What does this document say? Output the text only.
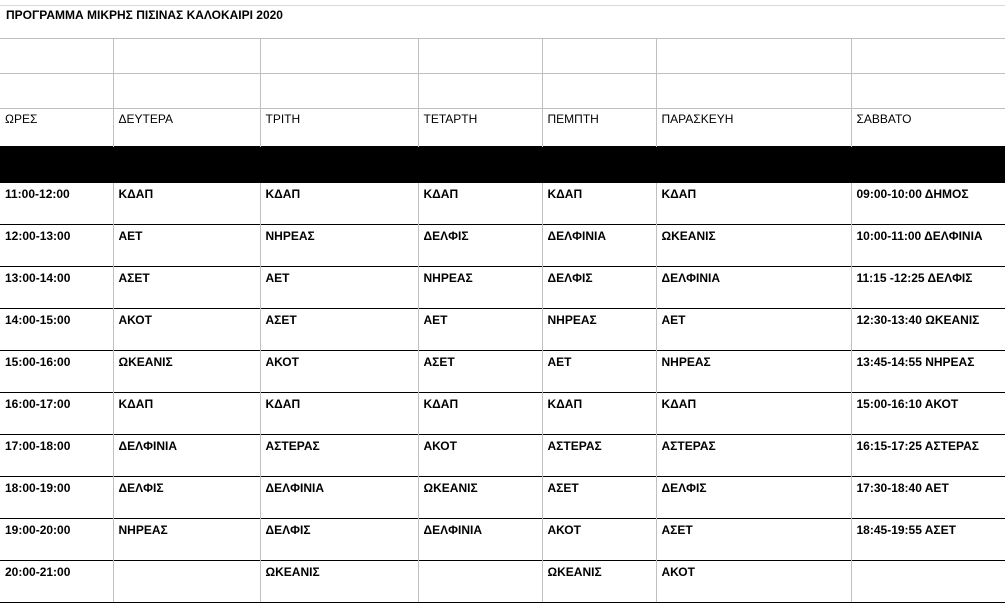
ΠΡΟΓΡΑΜΜΑ ΜΙΚΡΗΣ ΠΙΣΙΝΑΣ ΚΑΛΟΚΑΙΡΙ 2020

ΩΡΕΣ	ΔΕΥΤΕΡΑ	ΤΡΙΤΗ	ΤΕΤΑΡΤΗ	ΠΕΜΠΤΗ	ΠΑΡΑΣΚΕΥΗ	ΣΑΒΒΑΤΟ

11:00-12:00	ΚΔΑΠ	ΚΔΑΠ	ΚΔΑΠ	ΚΔΑΠ	ΚΔΑΠ	09:00-10:00 ΔΗΜΟΣ
12:00-13:00	ΑΕΤ	ΝΗΡΕΑΣ	ΔΕΛΦΙΣ	ΔΕΛΦΙΝΙΑ	ΩΚΕΑΝΙΣ	10:00-11:00 ΔΕΛΦΙΝΙΑ
13:00-14:00	ΑΣΕΤ	ΑΕΤ	ΝΗΡΕΑΣ	ΔΕΛΦΙΣ	ΔΕΛΦΙΝΙΑ	11:15 -12:25 ΔΕΛΦΙΣ
14:00-15:00	ΑΚΟΤ	ΑΣΕΤ	ΑΕΤ	ΝΗΡΕΑΣ	ΑΕΤ	12:30-13:40 ΩΚΕΑΝΙΣ
15:00-16:00	ΩΚΕΑΝΙΣ	ΑΚΟΤ	ΑΣΕΤ	ΑΕΤ	ΝΗΡΕΑΣ	13:45-14:55 ΝΗΡΕΑΣ
16:00-17:00	ΚΔΑΠ	ΚΔΑΠ	ΚΔΑΠ	ΚΔΑΠ	ΚΔΑΠ	15:00-16:10 ΑΚΟΤ
17:00-18:00	ΔΕΛΦΙΝΙΑ	ΑΣΤΕΡΑΣ	ΑΚΟΤ	ΑΣΤΕΡΑΣ	ΑΣΤΕΡΑΣ	16:15-17:25 ΑΣΤΕΡΑΣ
18:00-19:00	ΔΕΛΦΙΣ	ΔΕΛΦΙΝΙΑ	ΩΚΕΑΝΙΣ	ΑΣΕΤ	ΔΕΛΦΙΣ	17:30-18:40 ΑΕΤ
19:00-20:00	ΝΗΡΕΑΣ	ΔΕΛΦΙΣ	ΔΕΛΦΙΝΙΑ	ΑΚΟΤ	ΑΣΕΤ	18:45-19:55 ΑΣΕΤ
20:00-21:00		ΩΚΕΑΝΙΣ		ΩΚΕΑΝΙΣ	ΑΚΟΤ	
